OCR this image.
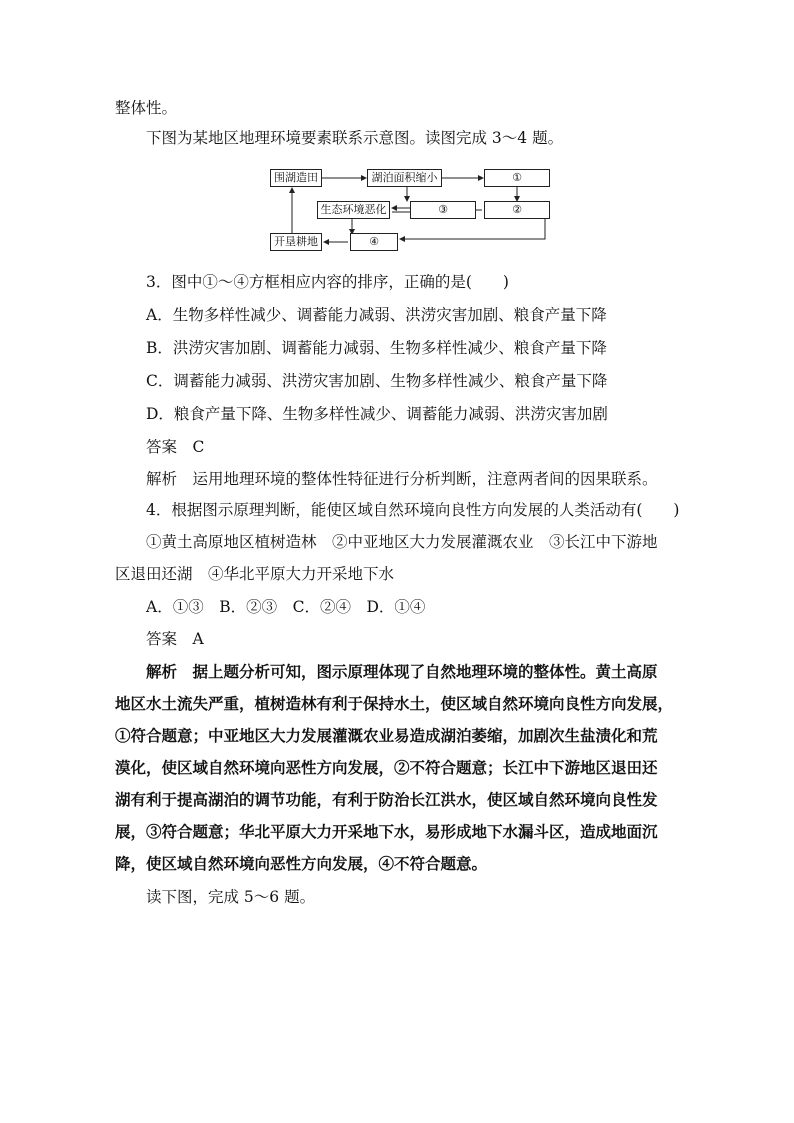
整体性。
下图为某地区地理环境要素联系示意图。读图完成 3～4 题。
围湖造田	湖泊面积缩小	①
生态环境恶化	③	②
开垦耕地	④
3．图中①～④方框相应内容的排序，正确的是(　　)
A．生物多样性减少、调蓄能力减弱、洪涝灾害加剧、粮食产量下降
B．洪涝灾害加剧、调蓄能力减弱、生物多样性减少、粮食产量下降
C．调蓄能力减弱、洪涝灾害加剧、生物多样性减少、粮食产量下降
D．粮食产量下降、生物多样性减少、调蓄能力减弱、洪涝灾害加剧
答案　C
解析　运用地理环境的整体性特征进行分析判断，注意两者间的因果联系。
4．根据图示原理判断，能使区域自然环境向良性方向发展的人类活动有(　　)
①黄土高原地区植树造林　②中亚地区大力发展灌溉农业　③长江中下游地
区退田还湖　④华北平原大力开采地下水
A．①③　B．②③　C．②④　D．①④
答案　A
解析　据上题分析可知，图示原理体现了自然地理环境的整体性。黄土高原
地区水土流失严重，植树造林有利于保持水土，使区域自然环境向良性方向发展，
①符合题意；中亚地区大力发展灌溉农业易造成湖泊萎缩，加剧次生盐渍化和荒
漠化，使区域自然环境向恶性方向发展，②不符合题意；长江中下游地区退田还
湖有利于提高湖泊的调节功能，有利于防治长江洪水，使区域自然环境向良性发
展，③符合题意；华北平原大力开采地下水，易形成地下水漏斗区，造成地面沉
降，使区域自然环境向恶性方向发展，④不符合题意。
读下图，完成 5～6 题。
